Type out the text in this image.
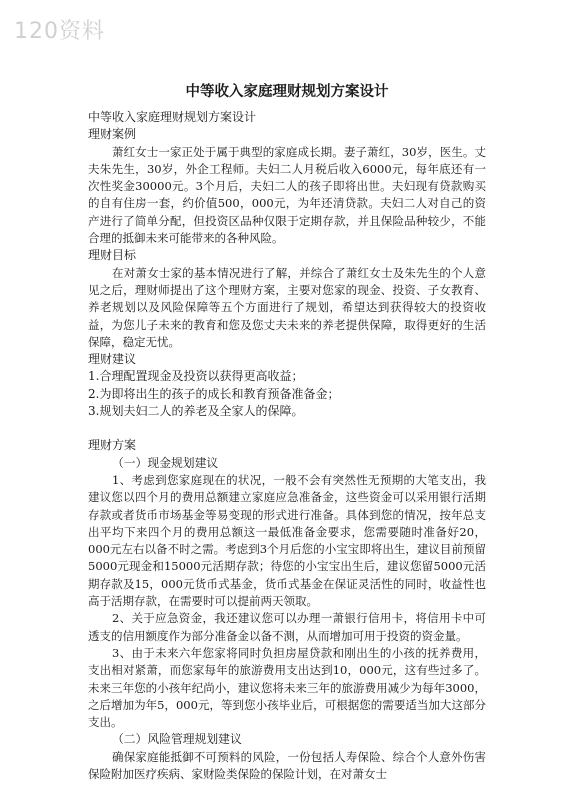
120资料
中等收入家庭理财规划方案设计
中等收入家庭理财规划方案设计
理财案例

萧红女士一家正处于属于典型的家庭成长期。妻子萧红，30岁，医生。丈夫朱先生，30岁，外企工程师。夫妇二人月税后收入6000元，每年底还有一次性奖金30000元。3个月后，夫妇二人的孩子即将出世。夫妇现有贷款购买的自有住房一套，约价值500，000元，为年还清贷款。夫妇二人对自己的资产进行了简单分配，但投资区品种仅限于定期存款，并且保险品种较少，不能合理的抵御未来可能带来的各种风险。

理财目标

在对萧女士家的基本情况进行了解，并综合了萧红女士及朱先生的个人意见之后，理财师提出了这个理财方案，主要对您家的现金、投资、子女教育、养老规划以及风险保障等五个方面进行了规划，希望达到获得较大的投资收益，为您儿子未来的教育和您及您丈夫未来的养老提供保障，取得更好的生活保障，稳定无忧。

理财建议
1.合理配置现金及投资以获得更高收益；
2.为即将出生的孩子的成长和教育预备准备金；
3.规划夫妇二人的养老及全家人的保障。
理财方案
（一）现金规划建议

1、考虑到您家庭现在的状况，一般不会有突然性无预期的大笔支出，我建议您以四个月的费用总额建立家庭应急准备金，这些资金可以采用银行活期存款或者货币市场基金等易变现的形式进行准备。具体到您的情况，按年总支出平均下来四个月的费用总额这一最低准备金要求，您需要随时准备好20，000元左右以备不时之需。考虑到3个月后您的小宝宝即将出生，建议目前预留5000元现金和15000元活期存款；待您的小宝宝出生后，建议您留5000元活期存款及15，000元货币式基金，货币式基金在保证灵活性的同时，收益性也高于活期存款，在需要时可以提前两天领取。

2、关于应急资金，我还建议您可以办理一萧银行信用卡，将信用卡中可透支的信用额度作为部分准备金以备不测，从而增加可用于投资的资金量。

3、由于未来六年您家将同时负担房屋贷款和刚出生的小孩的抚养费用，支出相对紧萧，而您家每年的旅游费用支出达到10，000元，这有些过多了。未来三年您的小孩年纪尚小，建议您将未来三年的旅游费用减少为每年3000，之后增加为年5，000元，等到您小孩毕业后，可根据您的需要适当加大这部分支出。

（二）风险管理规划建议

确保家庭能抵御不可预料的风险，一份包括人寿保险、综合个人意外伤害保险附加医疗疾病、家财险类保险的保险计划，在对萧女士
